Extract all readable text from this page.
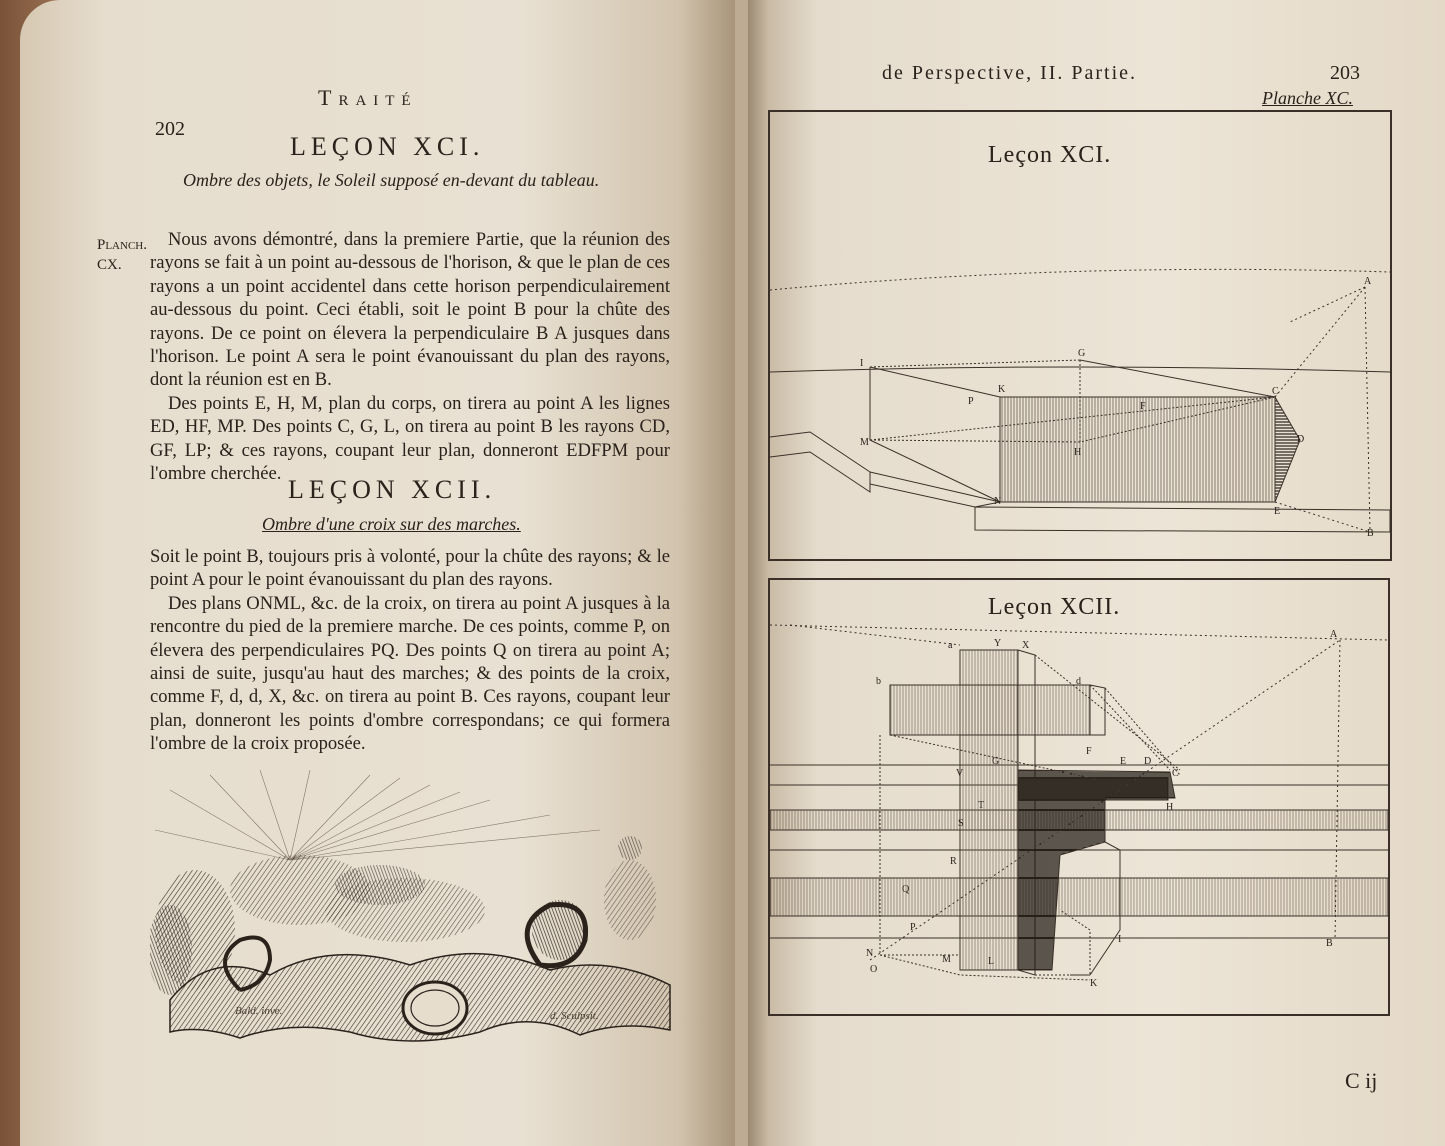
Traité
202
LEÇON XCI.
Ombre des objets, le Soleil supposé en-devant du tableau.
Planch.
CX.

Nous avons démontré, dans la premiere Partie, que la réunion des rayons se fait à un point au-dessous de l'horison, & que le plan de ces rayons a un point accidentel dans cette horison perpendiculairement au-dessous du point. Ceci établi, soit le point B pour la chûte des rayons. De ce point on élevera la perpendiculaire B A jusques dans l'horison. Le point A sera le point évanouissant du plan des rayons, dont la réunion est en B.

Des points E, H, M, plan du corps, on tirera au point A les lignes ED, HF, MP. Des points C, G, L, on tirera au point B les rayons CD, GF, LP; & ces rayons, coupant leur plan, donneront EDFPM pour l'ombre cherchée.

LEÇON XCII.
Ombre d'une croix sur des marches.

Soit le point B, toujours pris à volonté, pour la chûte des rayons; & le point A pour le point évanouissant du plan des rayons.

Des plans ONML, &c. de la croix, on tirera au point A jusques à la rencontre du pied de la premiere marche. De ces points, comme P, on élevera des perpendiculaires PQ. Des points Q on tirera au point A; ainsi de suite, jusqu'au haut des marches; & des points de la croix, comme F, d, d, X, &c. on tirera au point B. Ces rayons, coupant leur plan, donneront les points d'ombre correspondans; ce qui formera l'ombre de la croix proposée.

Bald. inve.	d. Sculpsit.
de Perspective, II. Partie.	203
Planche XC.
Leçon XCI.
A
I
G
K	C
P	F
M
H
D
N
E
B
Leçon XCII.
A
a	Y X
b	d
G
F
E D
C
V
T	H
S
R
Q
P
N
O
M	L
K
I	B
C ij
